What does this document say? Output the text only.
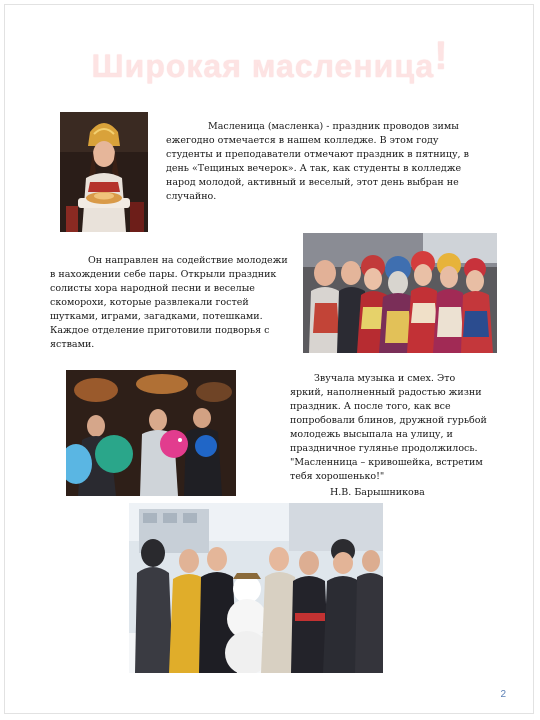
Широкая масленица!

Масленица (масленка) - праздник проводов зимы ежегодно отмечается в нашем колледже. В этом году студенты и преподаватели отмечают праздник в пятницу, в день «Тещиных вечерок». А так, как студенты в колледже народ молодой, активный и веселый, этот день выбран не случайно.

Он направлен на содействие молодежи в нахождении себе пары. Открыли праздник солисты хора народной песни и веселые скоморохи, которые развлекали гостей шутками, играми, загадками, потешками. Каждое отделение приготовили подворья с яствами.

Звучала музыка и смех. Это яркий, наполненный радостью жизни праздник. А после того, как все попробовали блинов, дружной гурьбой молодежь высыпала на улицу, и праздничное гулянье продолжилось. "Масленница – кривошейка, встретим тебя хорошенько!"

Н.В. Барышникова
2
